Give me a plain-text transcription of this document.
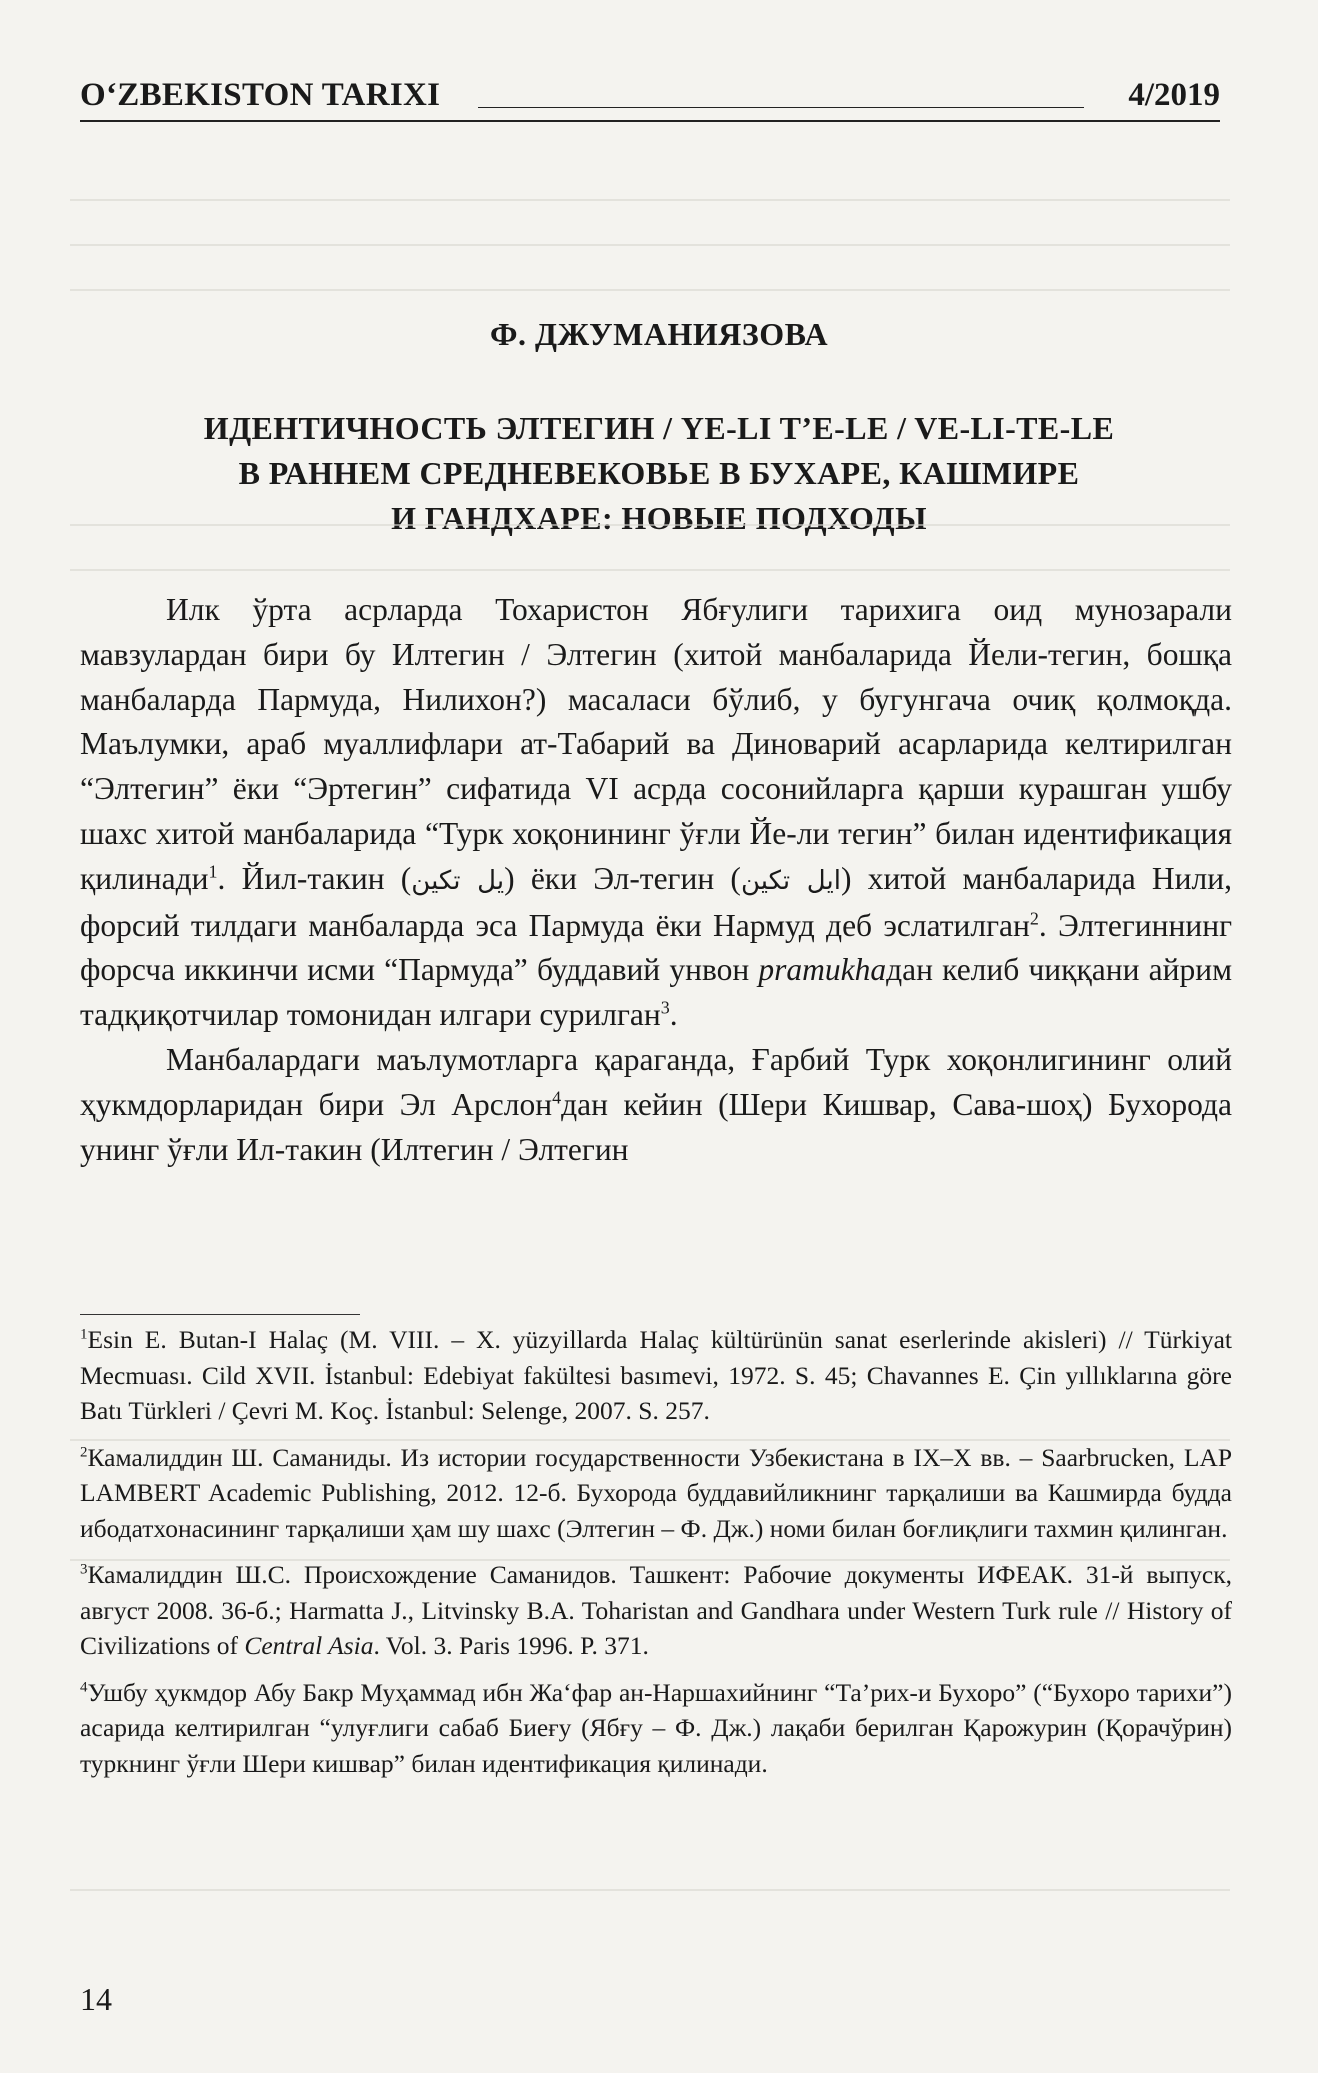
O‘ZBEKISTON TARIXI	4/2019
Ф. ДЖУМАНИЯЗОВА
ИДЕНТИЧНОСТЬ ЭЛТЕГИН / YE-LI T’E-LE / VE-LI-TE-LE
В РАННЕМ СРЕДНЕВЕКОВЬЕ В БУХАРЕ, КАШМИРЕ
И ГАНДХАРЕ: НОВЫЕ ПОДХОДЫ

Илк ўрта асрларда Тохаристон Ябғулиги тарихига оид мунозарали мавзулардан бири бу Илтегин / Элтегин (хитой манбаларида Йели-тегин, бошқа манбаларда Пармуда, Нилихон?) масаласи бўлиб, у бугунгача очиқ қолмоқда. Маълумки, араб муаллифлари ат-Табарий ва Диноварий асарларида келтирилган “Элтегин” ёки “Эртегин” сифатида VI асрда сосонийларга қарши курашган ушбу шахс хитой манбаларида “Турк хоқонининг ўғли Йе-ли тегин” билан идентификация қилинади$^1$. Йил-такин (يل تكين) ёки Эл-тегин (ايل تكين) хитой манбаларида Нили, форсий тилдаги манбаларда эса Пармуда ёки Нармуд деб эслатилган$^2$. Элтегиннинг форсча иккинчи исми “Пармуда” буддавий унвон pramukhaдан келиб чиққани айрим тадқиқотчилар томонидан илгари сурилган$^3$.

Манбалардаги маълумотларга қараганда, Ғарбий Турк хоқонлигининг олий ҳукмдорларидан бири Эл Арслон$^4$дан кейин (Шери Кишвар, Сава-шоҳ) Бухорода унинг ўғли Ил-такин (Илтегин / Элтегин

$^1$Esin E. Butan-I Halaç (M. VIII. – X. yüzyillarda Halaç kültürünün sanat eserlerinde akisleri) // Türkiyat Mecmuası. Cild XVII. İstanbul: Edebiyat fakültesi basımevi, 1972. S. 45; Chavannes E. Çin yıllıklarına göre Batı Türkleri / Çevri M. Koç. İstanbul: Selenge, 2007. S. 257.

$^2$Камалиддин Ш. Саманиды. Из истории государственности Узбекистана в IX–X вв. – Saarbrucken, LAP LAMBERT Academic Publishing, 2012. 12-б. Бухорода буддавийликнинг тарқалиши ва Кашмирда будда ибодатхонасининг тарқалиши ҳам шу шахс (Элтегин – Ф. Дж.) номи билан боғлиқлиги тахмин қилинган.

$^3$Камалиддин Ш.С. Происхождение Саманидов. Ташкент: Рабочие документы ИФЕАК. 31-й выпуск, август 2008. 36-б.; Harmatta J., Litvinsky B.A. Toharistan and Gandhara under Western Turk rule // History of Civilizations of Central Asia. Vol. 3. Paris 1996. P. 371.

$^4$Ушбу ҳукмдор Абу Бакр Муҳаммад ибн Жа‘фар ан-Наршахийнинг “Та’рих-и Бухоро” (“Бухоро тарихи”) асарида келтирилган “улуғлиги сабаб Биеғу (Ябғу – Ф. Дж.) лақаби берилган Қарожурин (Қорачўрин) туркнинг ўғли Шери кишвар” билан идентификация қилинади.

14
